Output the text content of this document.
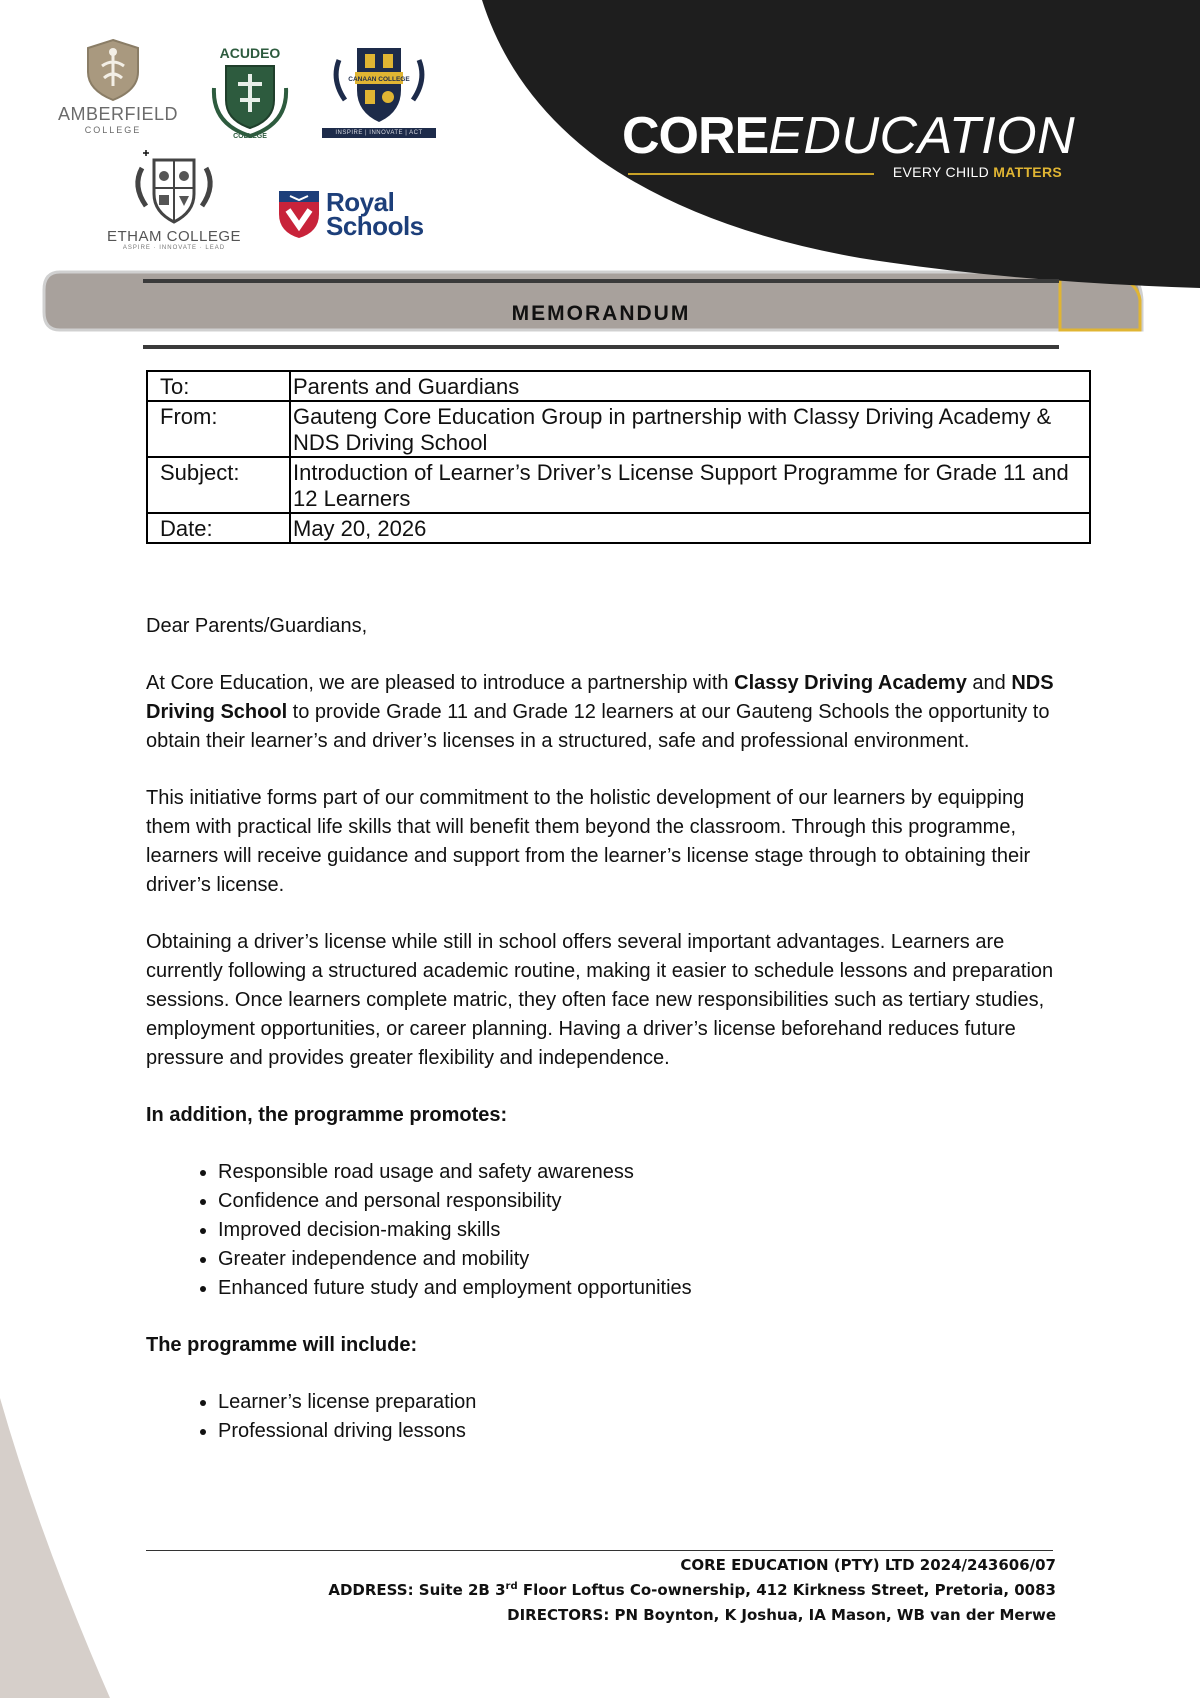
AMBERFIELD
COLLEGE
ACUDEO
COLLEGE
CANAAN COLLEGE
INSPIRE | INNOVATE | ACT
ETHAM COLLEGE
ASPIRE · INNOVATE · LEAD
Royal
Schools
COREEDUCATION
EVERY CHILD MATTERS
MEMORANDUM
To:	Parents and Guardians
From:	Gauteng Core Education Group in partnership with Classy Driving Academy & NDS Driving School
Subject:	Introduction of Learner’s Driver’s License Support Programme for Grade 11 and 12 Learners
Date:	May 20, 2026

Dear Parents/Guardians,

At Core Education, we are pleased to introduce a partnership with Classy Driving Academy and NDS Driving School to provide Grade 11 and Grade 12 learners at our Gauteng Schools the opportunity to obtain their learner’s and driver’s licenses in a structured, safe and professional environment.

This initiative forms part of our commitment to the holistic development of our learners by equipping them with practical life skills that will benefit them beyond the classroom. Through this programme, learners will receive guidance and support from the learner’s license stage through to obtaining their driver’s license.

Obtaining a driver’s license while still in school offers several important advantages. Learners are currently following a structured academic routine, making it easier to schedule lessons and preparation sessions. Once learners complete matric, they often face new responsibilities such as tertiary studies, employment opportunities, or career planning. Having a driver’s license beforehand reduces future pressure and provides greater flexibility and independence.

In addition, the programme promotes:

• Responsible road usage and safety awareness
• Confidence and personal responsibility
• Improved decision-making skills
• Greater independence and mobility
• Enhanced future study and employment opportunities

The programme will include:

• Learner’s license preparation
• Professional driving lessons
CORE EDUCATION (PTY) LTD 2024/243606/07
ADDRESS: Suite 2B 3rd Floor Loftus Co-ownership, 412 Kirkness Street, Pretoria, 0083
DIRECTORS: PN Boynton, K Joshua, IA Mason, WB van der Merwe
